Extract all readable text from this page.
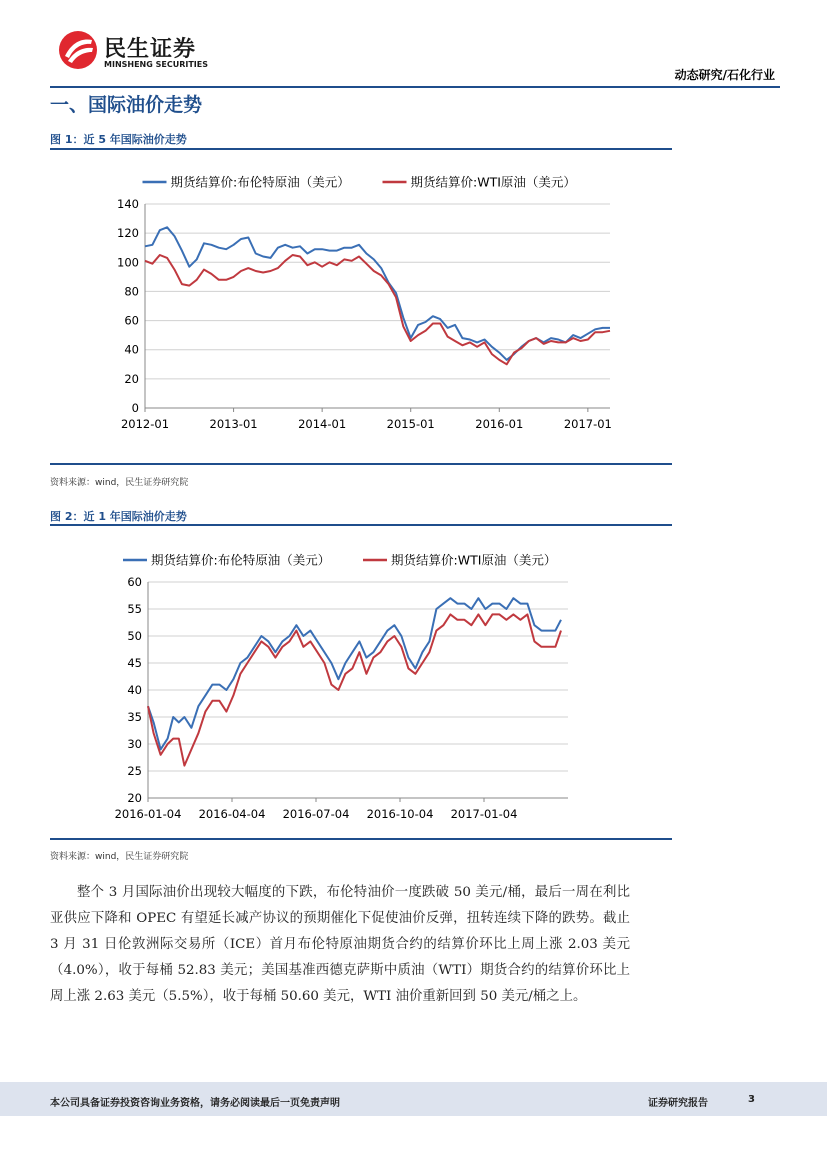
民生证券
MINSHENG SECURITIES
动态研究/石化行业
一、国际油价走势
图 1：近 5 年国际油价走势
0
20
40
60
80
100
120
140
2012-01	2013-01	2014-01	2015-01	2016-01	2017-01
期货结算价:布伦特原油（美元）	期货结算价:WTI原油（美元）
资料来源：wind，民生证券研究院
图 2：近 1 年国际油价走势
20
25
30
35
40
45
50
55
60
2016-01-04 2016-04-04 2016-07-04 2016-10-04 2017-01-04
期货结算价:布伦特原油（美元）	期货结算价:WTI原油（美元）
资料来源：wind，民生证券研究院
整个 3 月国际油价出现较大幅度的下跌，布伦特油价一度跌破 50 美元/桶，最后一周在利比亚供应下降和 OPEC 有望延长减产协议的预期催化下促使油价反弹，扭转连续下降的跌势。截止 3 月 31 日伦敦洲际交易所（ICE）首月布伦特原油期货合约的结算价环比上周上涨 2.03 美元（4.0%），收于每桶 52.83 美元；美国基准西德克萨斯中质油（WTI）期货合约的结算价环比上周上涨 2.63 美元（5.5%），收于每桶 50.60 美元，WTI 油价重新回到 50 美元/桶之上。
本公司具备证券投资咨询业务资格，请务必阅读最后一页免责声明	证券研究报告	3
